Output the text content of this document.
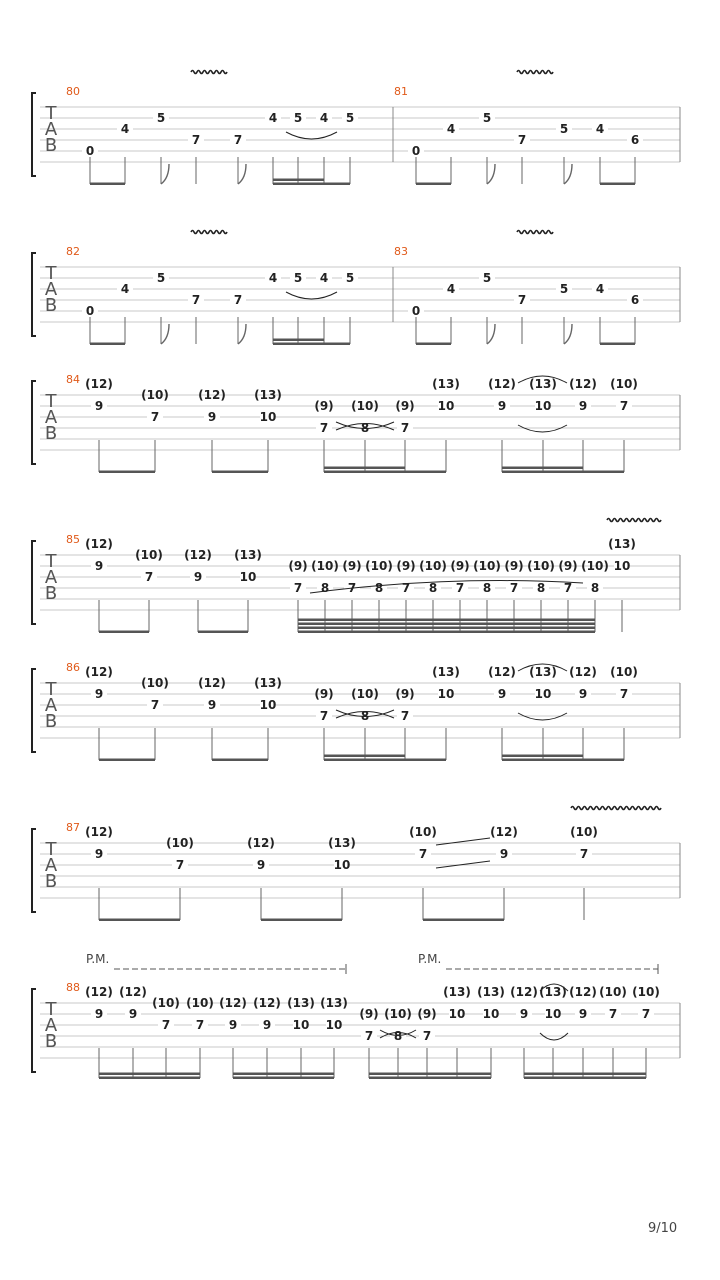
T
A
B
80	81
0
4
5
7	7
4 5 4 5
0
4
5
7
5 4
6
T
A
B
82	83
0
4
5
7	7
4 5 4 5
0
4
5
7
5 4
6
T
A
B
84
9
(12)
7
(10)
9
(12)
10
(13)
7
(9)
8
(10)
7
(9) 10
(13)
9
(12)
10
(13)
9
(12)
7
(10)
T
A
B
86
9
(12)
7
(10)
9
(12)
10
(13)
7
(9)
8
(10)
7
(9) 10
(13)
9
(12)
10
(13)
9
(12)
7
(10)
T
A
B
85
9
(12)
7
(10)
9
(12)
10
(13)
7
(9)
8
(10)
7
(9)
8
(10)
7
(9)
8
(10)
7
(9)
8
(10)
7
(9)
8
(10)
7
(9)
8
(10) 10
(13)
T
A
B
87
9
(12)
7
(10)
9
(12)
10
(13)
7
(10)
9
(12)
7
(10)
T
A
B
88
P.M.	P.M.
9
(12)
9
(12)
7
(10)
7
(10)
9
(12)
9
(12)
10
(13)
10
(13)
7
(9)
8
(10)
7
(9) 10
(13)
10
(13)
9
(12)
10
(13)
9
(12)
7
(10)
7
(10)
9/10
